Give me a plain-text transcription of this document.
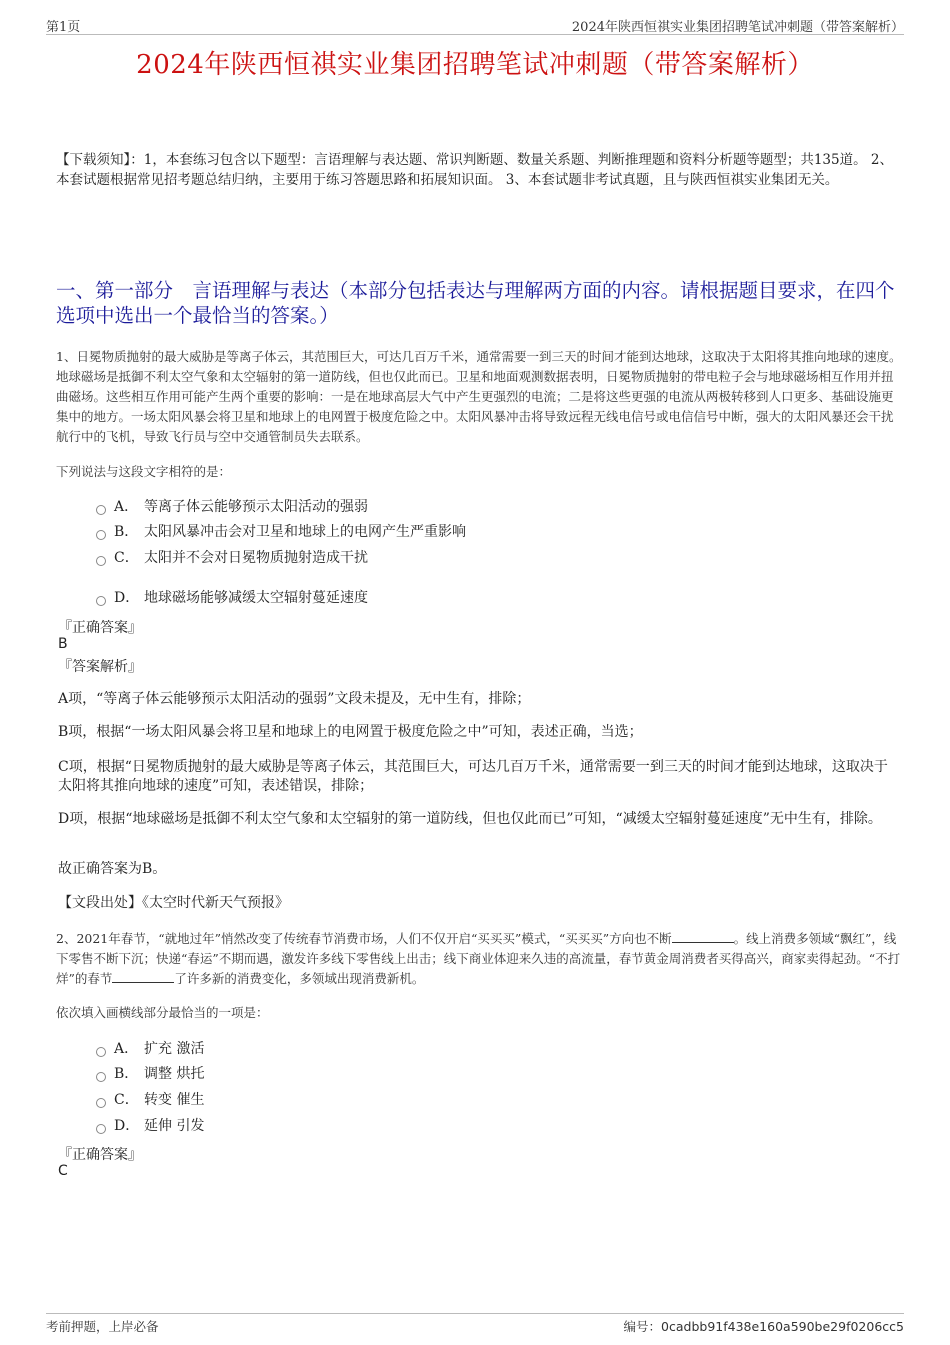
第1页	2024年陕西恒祺实业集团招聘笔试冲刺题（带答案解析）
2024年陕西恒祺实业集团招聘笔试冲刺题（带答案解析）
【下载须知】：1，本套练习包含以下题型：言语理解与表达题、常识判断题、数量关系题、判断推理题和资料分析题等题型；共135道。 2、本套试题根据常见招考题总结归纳，主要用于练习答题思路和拓展知识面。 3、本套试题非考试真题，且与陕西恒祺实业集团无关。
一、第一部分　言语理解与表达（本部分包括表达与理解两方面的内容。请根据题目要求，在四个选项中选出一个最恰当的答案。）
1、日冕物质抛射的最大威胁是等离子体云，其范围巨大，可达几百万千米，通常需要一到三天的时间才能到达地球，这取决于太阳将其推向地球的速度。地球磁场是抵御不利太空气象和太空辐射的第一道防线，但也仅此而已。卫星和地面观测数据表明，日冕物质抛射的带电粒子会与地球磁场相互作用并扭曲磁场。这些相互作用可能产生两个重要的影响：一是在地球高层大气中产生更强烈的电流；二是将这些更强的电流从两极转移到人口更多、基础设施更集中的地方。一场太阳风暴会将卫星和地球上的电网置于极度危险之中。太阳风暴冲击将导致远程无线电信号或电信信号中断，强大的太阳风暴还会干扰航行中的飞机，导致飞行员与空中交通管制员失去联系。
下列说法与这段文字相符的是：
A． 等离子体云能够预示太阳活动的强弱
B． 太阳风暴冲击会对卫星和地球上的电网产生严重影响
C． 太阳并不会对日冕物质抛射造成干扰
D． 地球磁场能够减缓太空辐射蔓延速度
『正确答案』
B
『答案解析』
A项，“等离子体云能够预示太阳活动的强弱”文段未提及，无中生有，排除；
B项，根据“一场太阳风暴会将卫星和地球上的电网置于极度危险之中”可知，表述正确，当选；
C项，根据“日冕物质抛射的最大威胁是等离子体云，其范围巨大，可达几百万千米，通常需要一到三天的时间才能到达地球，这取决于太阳将其推向地球的速度”可知，表述错误，排除；
D项，根据“地球磁场是抵御不利太空气象和太空辐射的第一道防线，但也仅此而已”可知，“减缓太空辐射蔓延速度”无中生有，排除。
故正确答案为B。
【文段出处】《太空时代新天气预报》
2、2021年春节，“就地过年”悄然改变了传统春节消费市场，人们不仅开启“买买买”模式，“买买买”方向也不断	。线上消费多领域“飘红”，线下零售不断下沉；快递“春运”不期而遇，激发许多线下零售线上出击；线下商业体迎来久违的高流量，春节黄金周消费者买得高兴，商家卖得起劲。“不打烊”的春节	了许多新的消费变化，多领域出现消费新机。
依次填入画横线部分最恰当的一项是：
A． 扩充 激活
B． 调整 烘托
C． 转变 催生
D． 延伸 引发
『正确答案』
C
考前押题，上岸必备	编号：0cadbb91f438e160a590be29f0206cc5
